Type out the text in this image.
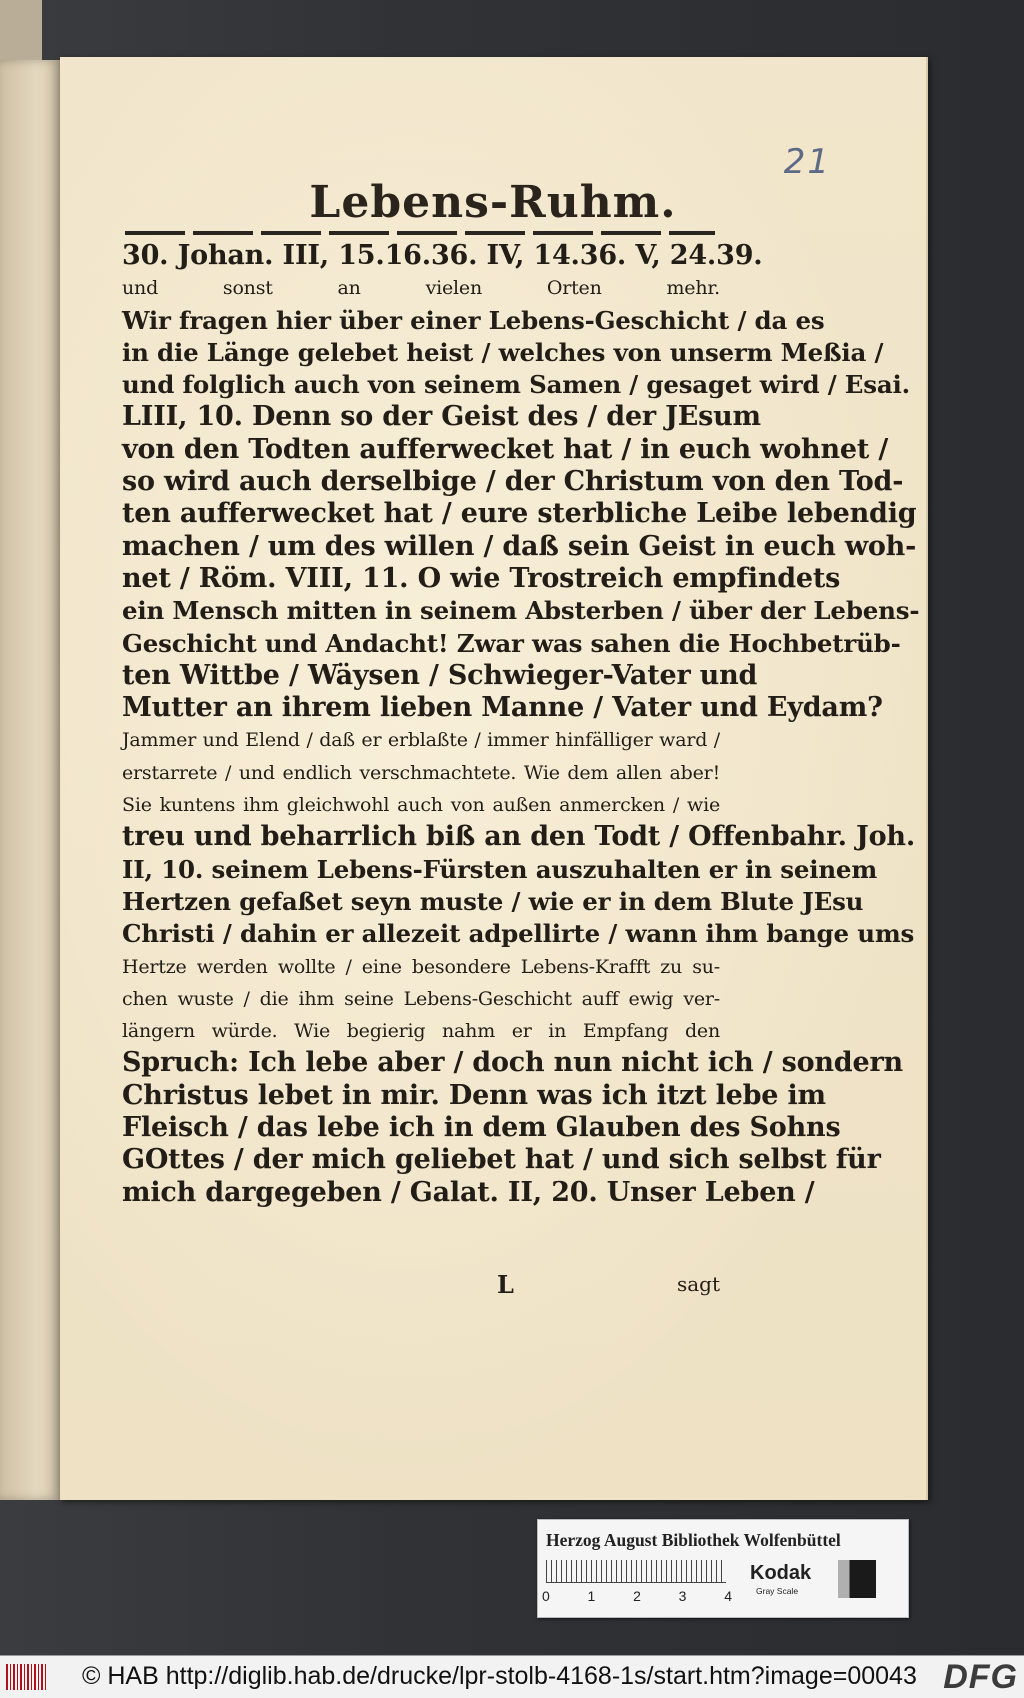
21
Lebens-Ruhm.
30. Johan. III, 15.16.36. IV, 14.36. V, 24.39.
und sonst an vielen Orten mehr.
Wir fragen hier über einer Lebens-Geschicht / da es
in die Länge gelebet heist / welches von unserm Meßia /
und folglich auch von seinem Samen / gesaget wird / Esai.
LIII, 10. Denn so der Geist des / der JEsum
von den Todten aufferwecket hat / in euch wohnet /
so wird auch derselbige / der Christum von den Tod-
ten aufferwecket hat / eure sterbliche Leibe lebendig
machen / um des willen / daß sein Geist in euch woh-
net / Röm. VIII, 11. O wie Trostreich empfindets
ein Mensch mitten in seinem Absterben / über der Lebens-
Geschicht und Andacht! Zwar was sahen die Hochbetrüb-
ten Wittbe / Wäysen / Schwieger-Vater und
Mutter an ihrem lieben Manne / Vater und Eydam?
Jammer und Elend / daß er erblaßte / immer hinfälliger ward /
erstarrete / und endlich verschmachtete. Wie dem allen aber!
Sie kuntens ihm gleichwohl auch von außen anmercken / wie
treu und beharrlich biß an den Todt / Offenbahr. Joh.
II, 10. seinem Lebens-Fürsten auszuhalten er in seinem
Hertzen gefaßet seyn muste / wie er in dem Blute JEsu
Christi / dahin er allezeit adpellirte / wann ihm bange ums
Hertze werden wollte / eine besondere Lebens-Krafft zu su-
chen wuste / die ihm seine Lebens-Geschicht auff ewig ver-
längern würde. Wie begierig nahm er in Empfang den
Spruch: Ich lebe aber / doch nun nicht ich / sondern
Christus lebet in mir. Denn was ich itzt lebe im
Fleisch / das lebe ich in dem Glauben des Sohns
GOttes / der mich geliebet hat / und sich selbst für
mich dargegeben / Galat. II, 20. Unser Leben /
L	sagt
Herzog August Bibliothek Wolfenbüttel
0	1	2	3	4
Kodak
Gray Scale
© HAB http://diglib.hab.de/drucke/lpr-stolb-4168-1s/start.htm?image=00043 DFG
